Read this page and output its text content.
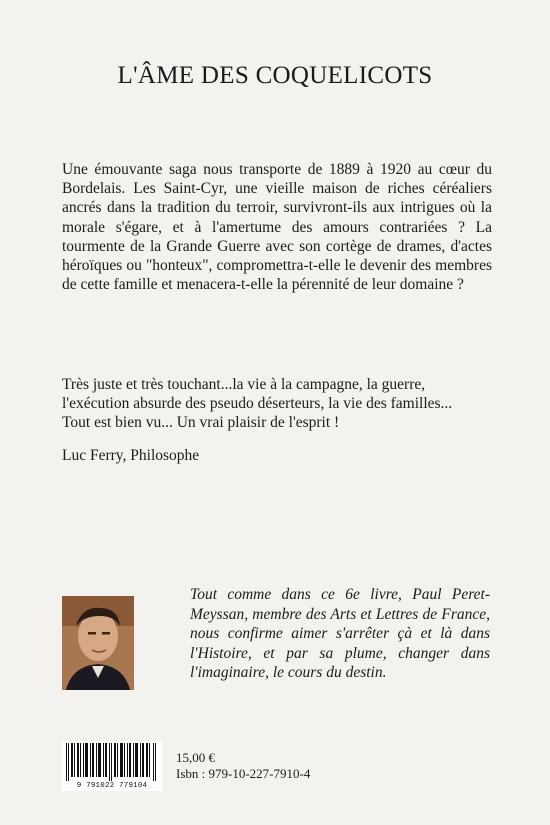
L'ÂME DES COQUELICOTS

Une émouvante saga nous transporte de 1889 à 1920 au cœur du Bordelais. Les Saint-Cyr, une vieille maison de riches céréaliers ancrés dans la tradition du terroir, survivront-ils aux intrigues où la morale s'égare, et à l'amertume des amours contrariées ? La tourmente de la Grande Guerre avec son cortège de drames, d'actes héroïques ou "honteux", compromettra-t-elle le devenir des membres de cette famille et menacera-t-elle la pérennité de leur domaine ?

Très juste et très touchant...la vie à la campagne, la guerre,
l'exécution absurde des pseudo déserteurs, la vie des familles...
Tout est bien vu... Un vrai plaisir de l'esprit !
Luc Ferry, Philosophe
Tout comme dans ce 6e livre, Paul Peret-Meyssan, membre des Arts et Lettres de France, nous confirme aimer s'arrêter çà et là dans l'Histoire, et par sa plume, changer dans l'imaginaire, le cours du destin.
9 791022 779104
15,00 €
Isbn : 979-10-227-7910-4
